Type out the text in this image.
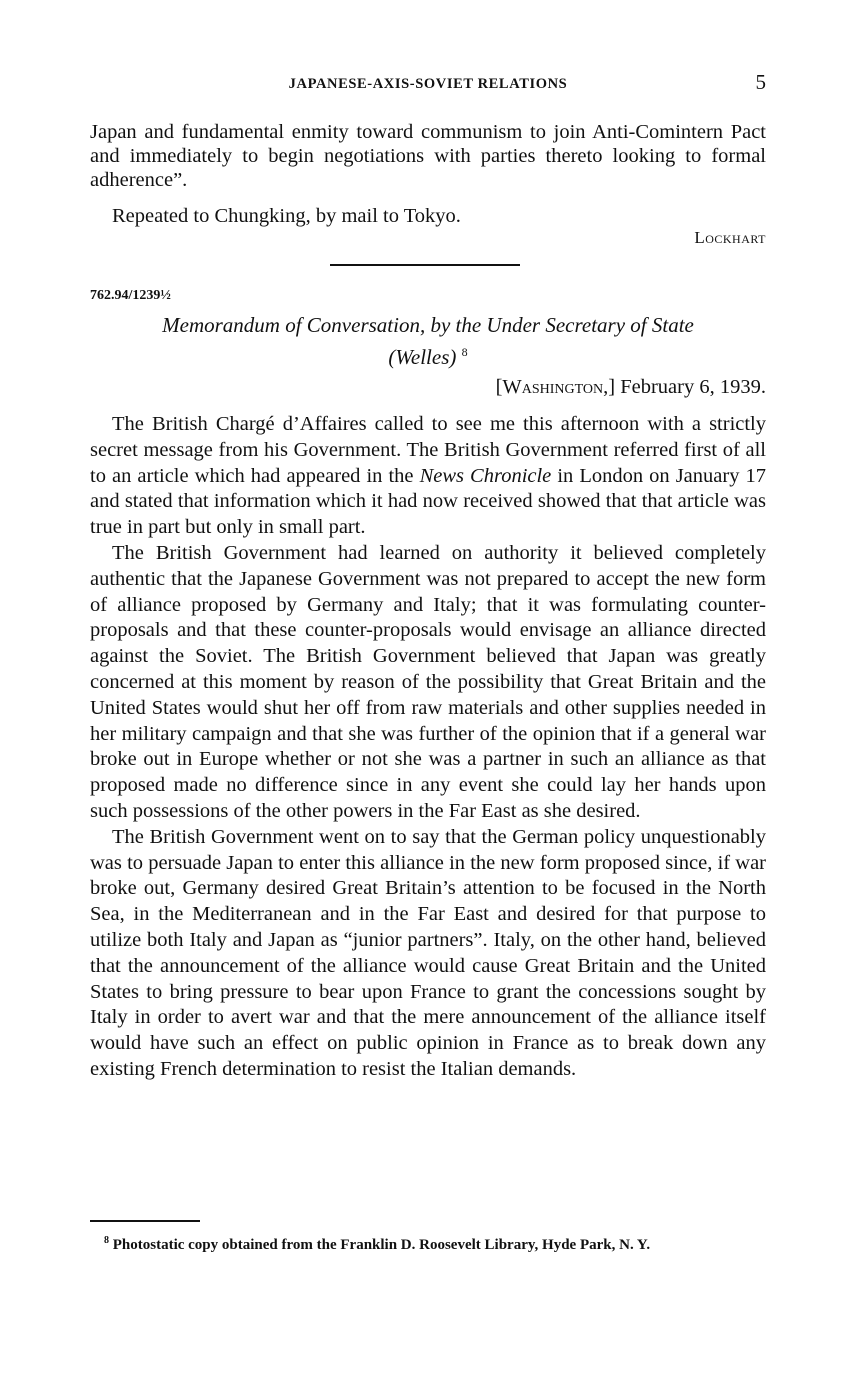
JAPANESE-AXIS-SOVIET RELATIONS	5

Japan and fundamental enmity toward communism to join Anti-Comintern Pact and immediately to begin negotiations with parties thereto looking to formal adherence”.

Repeated to Chungking, by mail to Tokyo.

Lockhart
762.94/1239½
Memorandum of Conversation, by the Under Secretary of State
(Welles) $^8$
[Washington,] February 6, 1939.

The British Chargé d’Affaires called to see me this afternoon with a strictly secret message from his Government. The British Government referred first of all to an article which had appeared in the News Chronicle in London on January 17 and stated that information which it had now received showed that that article was true in part but only in small part.

The British Government had learned on authority it believed completely authentic that the Japanese Government was not prepared to accept the new form of alliance proposed by Germany and Italy; that it was formulating counter-proposals and that these counter-proposals would envisage an alliance directed against the Soviet. The British Government believed that Japan was greatly concerned at this moment by reason of the possibility that Great Britain and the United States would shut her off from raw materials and other supplies needed in her military campaign and that she was further of the opinion that if a general war broke out in Europe whether or not she was a partner in such an alliance as that proposed made no difference since in any event she could lay her hands upon such possessions of the other powers in the Far East as she desired.

The British Government went on to say that the German policy unquestionably was to persuade Japan to enter this alliance in the new form proposed since, if war broke out, Germany desired Great Britain’s attention to be focused in the North Sea, in the Mediterranean and in the Far East and desired for that purpose to utilize both Italy and Japan as “junior partners”. Italy, on the other hand, believed that the announcement of the alliance would cause Great Britain and the United States to bring pressure to bear upon France to grant the concessions sought by Italy in order to avert war and that the mere announcement of the alliance itself would have such an effect on public opinion in France as to break down any existing French determination to resist the Italian demands.

$^8$ Photostatic copy obtained from the Franklin D. Roosevelt Library, Hyde Park, N. Y.
